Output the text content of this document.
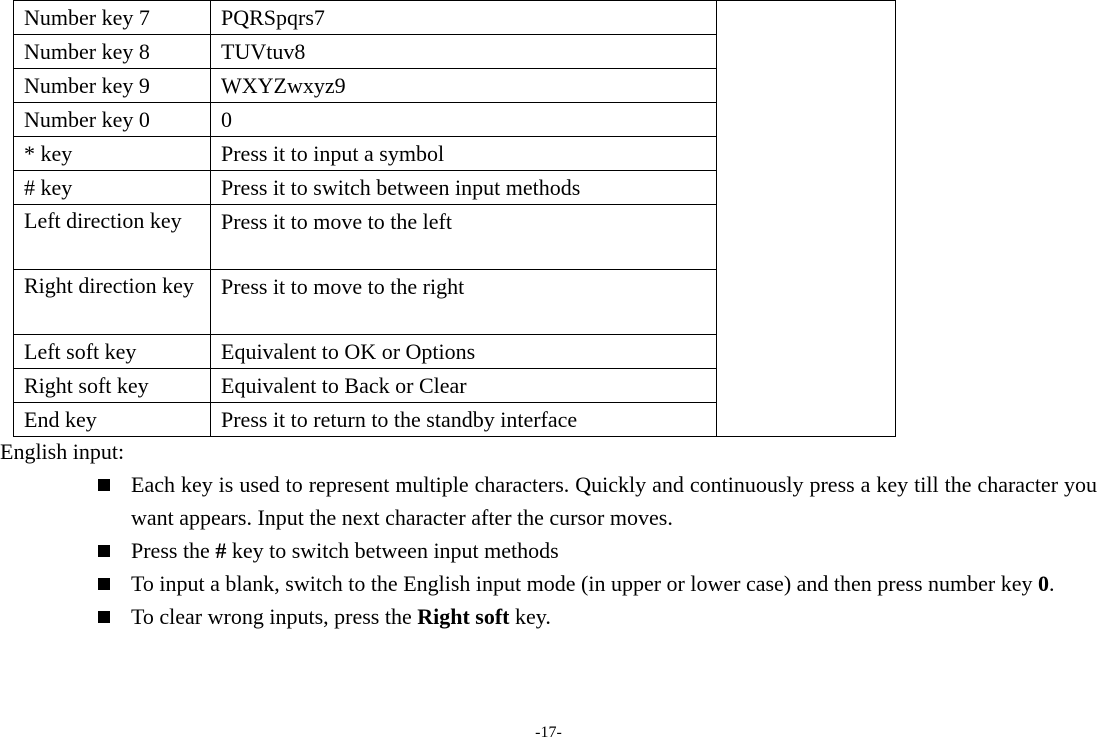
Number key 7	PQRSpqrs7	
Number key 8	TUVtuv8	
Number key 9	WXYZwxyz9	
Number key 0	0	
* key	Press it to input a symbol	
# key	Press it to switch between input methods	

Left direction key	Press it to move to the left	

Right direction key	Press it to move to the right	
Left soft key	Equivalent to OK or Options	
Right soft key	Equivalent to Back or Clear	
End key	Press it to return to the standby interface	
English input:
Each key is used to represent multiple characters. Quickly and continuously press a key till the character you want appears. Input the next character after the cursor moves.
Press the # key to switch between input methods
To input a blank, switch to the English input mode (in upper or lower case) and then press number key 0.
To clear wrong inputs, press the Right soft key.
-17-
